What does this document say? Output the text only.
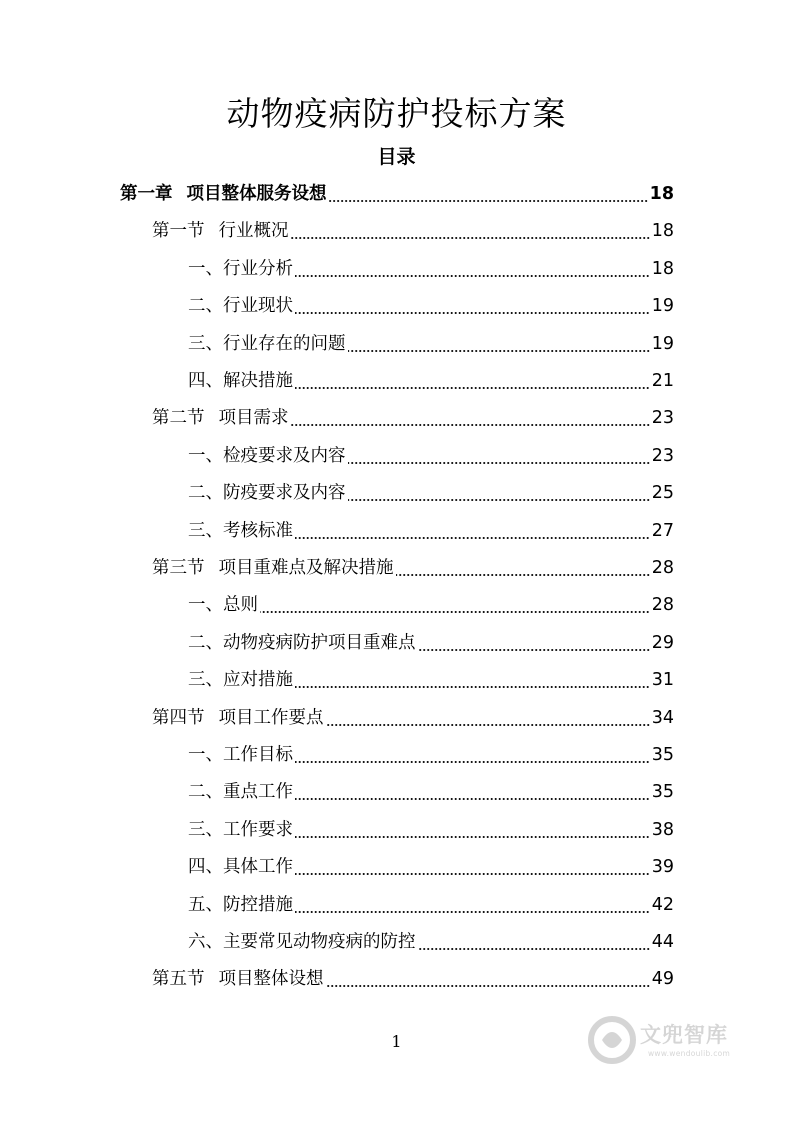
动物疫病防护投标方案
目录
第一章 项目整体服务设想	18
第一节 行业概况	18
一、行业分析	18
二、行业现状	19
三、行业存在的问题	19
四、解决措施	21
第二节 项目需求	23
一、检疫要求及内容	23
二、防疫要求及内容	25
三、考核标准	27
第三节 项目重难点及解决措施	28
一、总则	28
二、动物疫病防护项目重难点	29
三、应对措施	31
第四节 项目工作要点	34
一、工作目标	35
二、重点工作	35
三、工作要求	38
四、具体工作	39
五、防控措施	42
六、主要常见动物疫病的防控	44
第五节 项目整体设想	49
1	文兜智库
www.wendoulib.com
